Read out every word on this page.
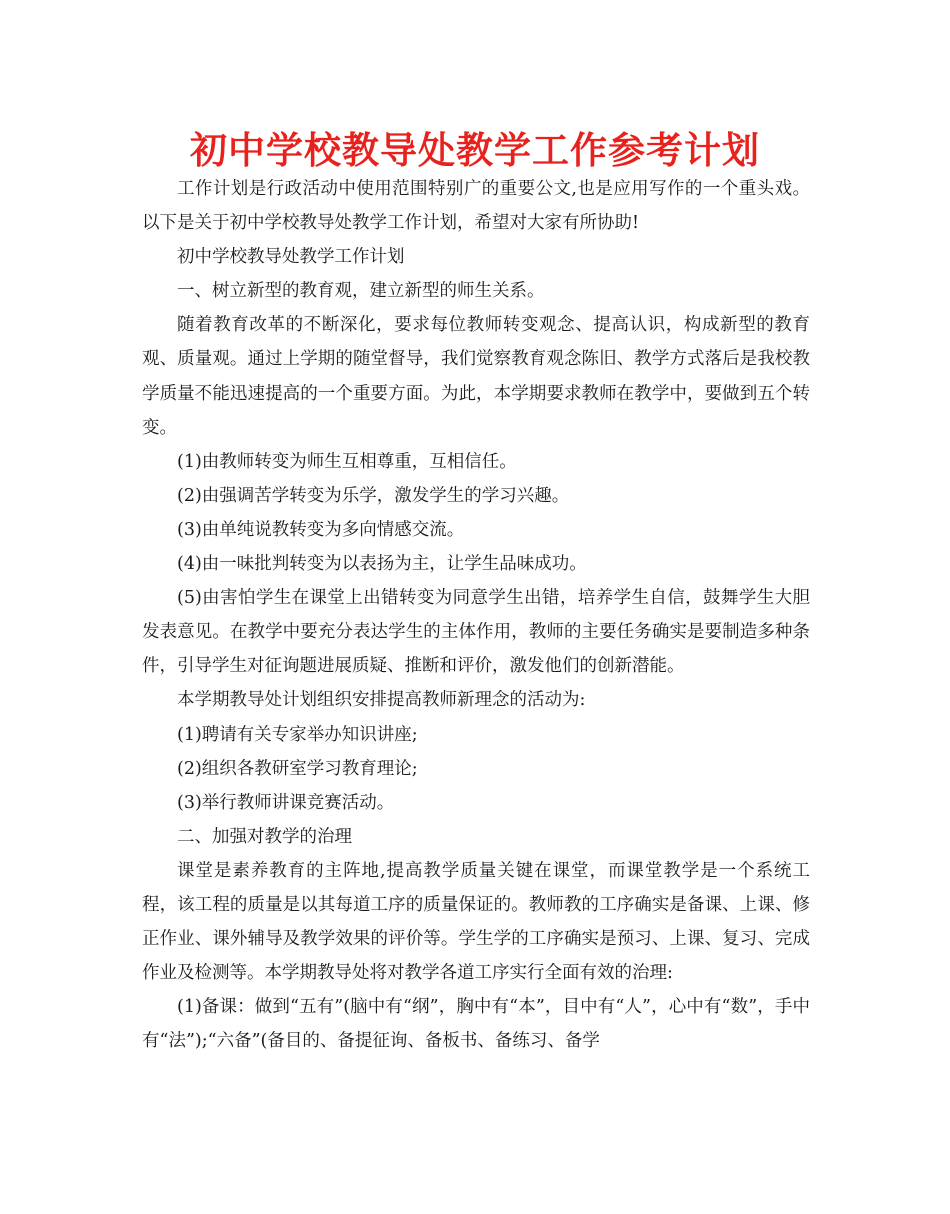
初中学校教导处教学工作参考计划

工作计划是行政活动中使用范围特别广的重要公文,也是应用写作的一个重头戏。以下是关于初中学校教导处教学工作计划，希望对大家有所协助!

初中学校教导处教学工作计划

一、树立新型的教育观，建立新型的师生关系。

随着教育改革的不断深化，要求每位教师转变观念、提高认识，构成新型的教育观、质量观。通过上学期的随堂督导，我们觉察教育观念陈旧、教学方式落后是我校教学质量不能迅速提高的一个重要方面。为此，本学期要求教师在教学中，要做到五个转变。

(1)由教师转变为师生互相尊重，互相信任。

(2)由强调苦学转变为乐学，激发学生的学习兴趣。

(3)由单纯说教转变为多向情感交流。

(4)由一味批判转变为以表扬为主，让学生品味成功。

(5)由害怕学生在课堂上出错转变为同意学生出错，培养学生自信，鼓舞学生大胆发表意见。在教学中要充分表达学生的主体作用，教师的主要任务确实是要制造多种条件，引导学生对征询题进展质疑、推断和评价，激发他们的创新潜能。

本学期教导处计划组织安排提高教师新理念的活动为:

(1)聘请有关专家举办知识讲座;

(2)组织各教研室学习教育理论;

(3)举行教师讲课竞赛活动。

二、加强对教学的治理

课堂是素养教育的主阵地,提高教学质量关键在课堂，而课堂教学是一个系统工程，该工程的质量是以其每道工序的质量保证的。教师教的工序确实是备课、上课、修正作业、课外辅导及教学效果的评价等。学生学的工序确实是预习、上课、复习、完成作业及检测等。本学期教导处将对教学各道工序实行全面有效的治理:

(1)备课：做到“五有”(脑中有“纲”，胸中有“本”，目中有“人”，心中有“数”，手中有“法”);“六备”(备目的、备提征询、备板书、备练习、备学
